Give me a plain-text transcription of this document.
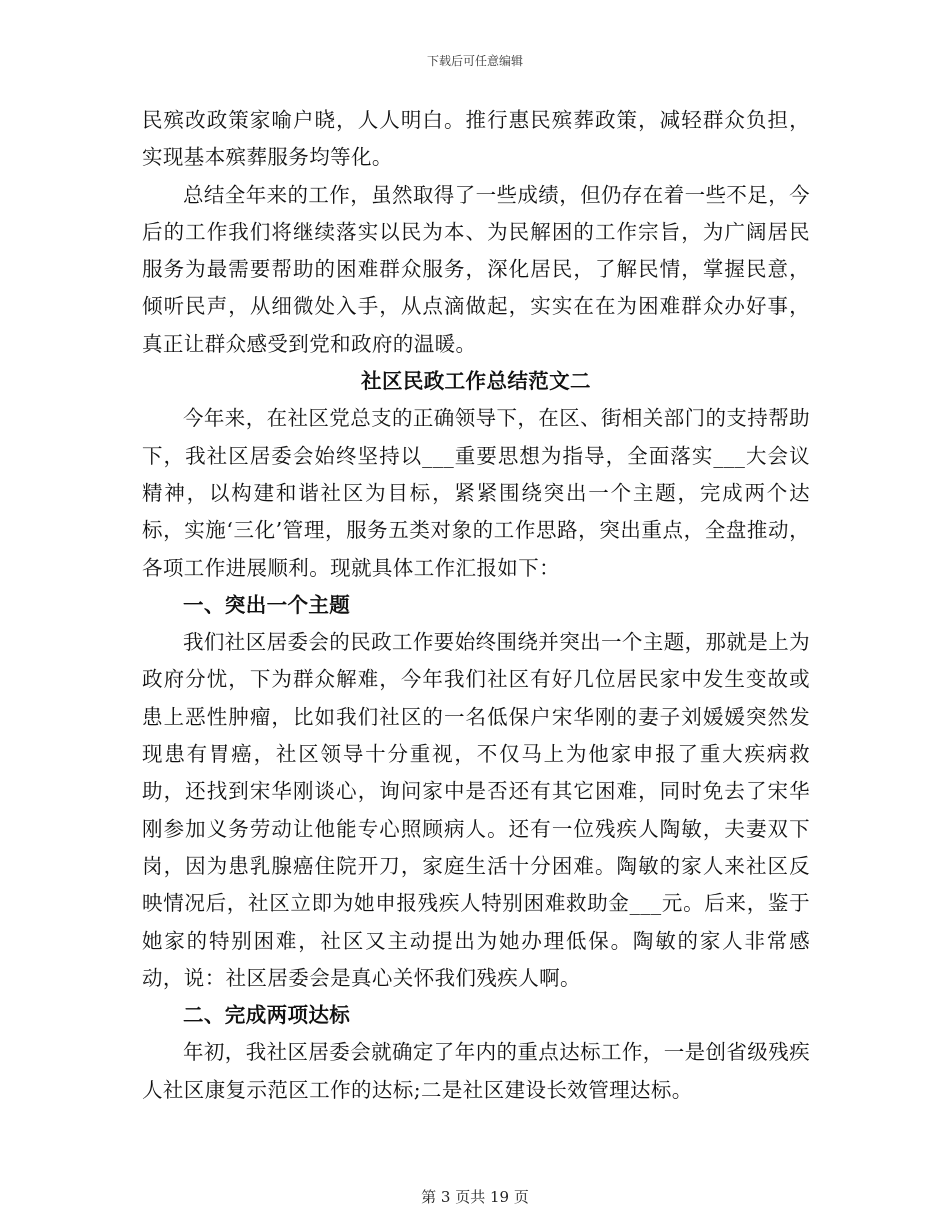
下载后可任意编辑

民殡改政策家喻户晓，人人明白。推行惠民殡葬政策，减轻群众负担，实现基本殡葬服务均等化。

总结全年来的工作，虽然取得了一些成绩，但仍存在着一些不足，今后的工作我们将继续落实以民为本、为民解困的工作宗旨，为广阔居民服务为最需要帮助的困难群众服务，深化居民，了解民情，掌握民意，倾听民声，从细微处入手，从点滴做起，实实在在为困难群众办好事，真正让群众感受到党和政府的温暖。

社区民政工作总结范文二

今年来，在社区党总支的正确领导下，在区、街相关部门的支持帮助下，我社区居委会始终坚持以___重要思想为指导，全面落实___大会议精神，以构建和谐社区为目标，紧紧围绕突出一个主题，完成两个达标，实施‘三化’管理，服务五类对象的工作思路，突出重点，全盘推动，各项工作进展顺利。现就具体工作汇报如下：

一、突出一个主题

我们社区居委会的民政工作要始终围绕并突出一个主题，那就是上为政府分忧，下为群众解难，今年我们社区有好几位居民家中发生变故或患上恶性肿瘤，比如我们社区的一名低保户宋华刚的妻子刘媛媛突然发现患有胃癌，社区领导十分重视，不仅马上为他家申报了重大疾病救助，还找到宋华刚谈心，询问家中是否还有其它困难，同时免去了宋华刚参加义务劳动让他能专心照顾病人。还有一位残疾人陶敏，夫妻双下岗，因为患乳腺癌住院开刀，家庭生活十分困难。陶敏的家人来社区反映情况后，社区立即为她申报残疾人特别困难救助金___元。后来，鉴于她家的特别困难，社区又主动提出为她办理低保。陶敏的家人非常感动，说：社区居委会是真心关怀我们残疾人啊。

二、完成两项达标

年初，我社区居委会就确定了年内的重点达标工作，一是创省级残疾人社区康复示范区工作的达标;二是社区建设长效管理达标。

第 3 页共 19 页
